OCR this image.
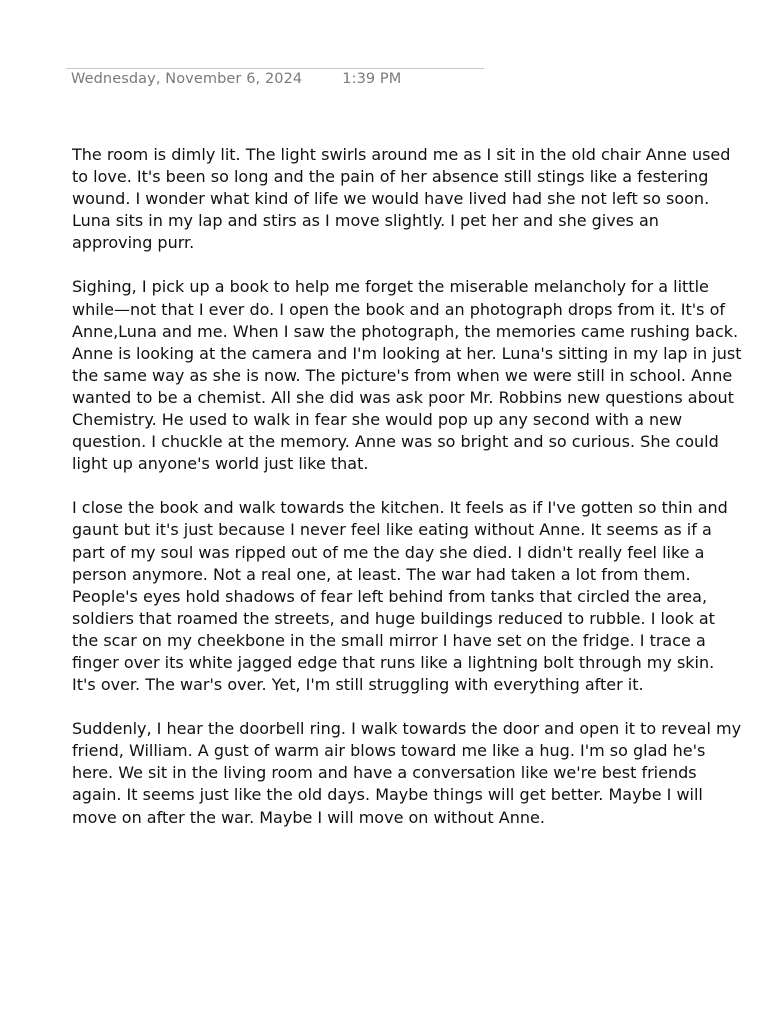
Wednesday, November 6, 2024	1:39 PM

The room is dimly lit. The light swirls around me as I sit in the old chair Anne used to love. It's been so long and the pain of her absence still stings like a festering wound. I wonder what kind of life we would have lived had she not left so soon. Luna sits in my lap and stirs as I move slightly. I pet her and she gives an approving purr.

Sighing, I pick up a book to help me forget the miserable melancholy for a little while—not that I ever do. I open the book and an photograph drops from it. It's of Anne,Luna and me. When I saw the photograph, the memories came rushing back. Anne is looking at the camera and I'm looking at her. Luna's sitting in my lap in just the same way as she is now. The picture's from when we were still in school. Anne wanted to be a chemist. All she did was ask poor Mr. Robbins new questions about Chemistry. He used to walk in fear she would pop up any second with a new question. I chuckle at the memory. Anne was so bright and so curious. She could light up anyone's world just like that.

I close the book and walk towards the kitchen. It feels as if I've gotten so thin and gaunt but it's just because I never feel like eating without Anne. It seems as if a part of my soul was ripped out of me the day she died. I didn't really feel like a person anymore. Not a real one, at least. The war had taken a lot from them. People's eyes hold shadows of fear left behind from tanks that circled the area, soldiers that roamed the streets, and huge buildings reduced to rubble. I look at the scar on my cheekbone in the small mirror I have set on the fridge. I trace a finger over its white jagged edge that runs like a lightning bolt through my skin. It's over. The war's over. Yet, I'm still struggling with everything after it.

Suddenly, I hear the doorbell ring. I walk towards the door and open it to reveal my friend, William. A gust of warm air blows toward me like a hug. I'm so glad he's here. We sit in the living room and have a conversation like we're best friends again. It seems just like the old days. Maybe things will get better. Maybe I will move on after the war. Maybe I will move on without Anne.
